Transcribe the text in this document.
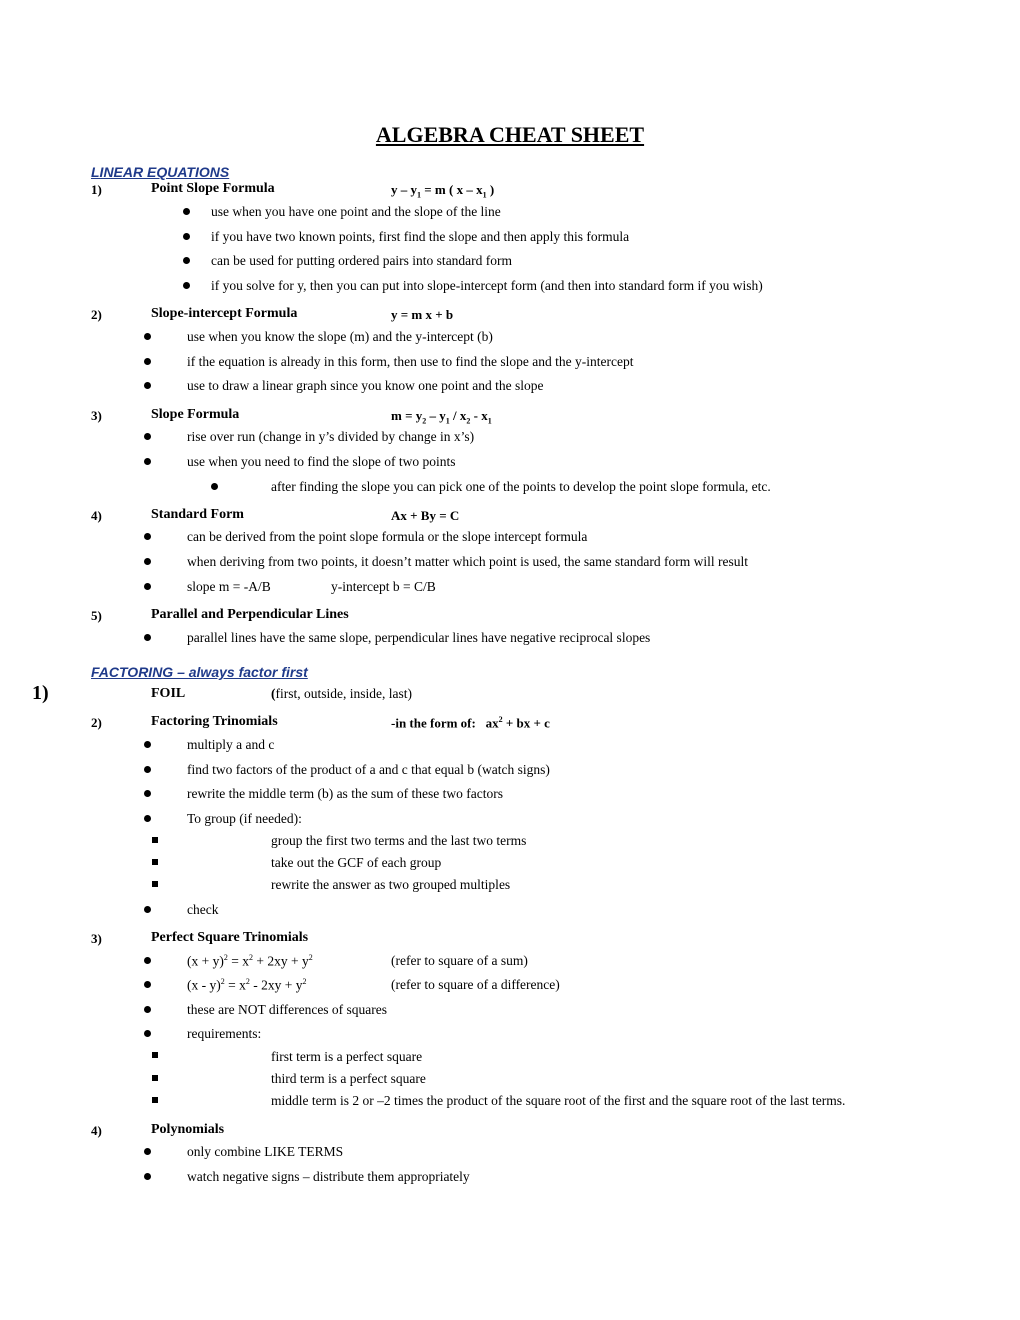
ALGEBRA CHEAT SHEET
LINEAR EQUATIONS
1)	Point Slope Formula	$y - y_1 = m$ ( x – $x_1$ )
use when you have one point and the slope of the line
if you have two known points, first find the slope and then apply this formula
can be used for putting ordered pairs into standard form
if you solve for y, then you can put into slope-intercept form (and then into standard form if you wish)
2)	Slope-intercept Formula	y = m x + b
use when you know the slope (m) and the y-intercept (b)
if the equation is already in this form, then use to find the slope and the y-intercept
use to draw a linear graph since you know one point and the slope
3)	Slope Formula	$m = y_2 - y_1 / x_2 - x_1$
rise over run (change in y’s divided by change in x’s)
use when you need to find the slope of two points
after finding the slope you can pick one of the points to develop the point slope formula, etc.
4)	Standard Form	Ax + By = C
can be derived from the point slope formula or the slope intercept formula
when deriving from two points, it doesn’t matter which point is used, the same standard form will result
slope m = -A/B	y-intercept b = C/B
5)	Parallel and Perpendicular Lines
parallel lines have the same slope, perpendicular lines have negative reciprocal slopes
FACTORING – always factor first
1)	FOIL	(first, outside, inside, last)
2)	Factoring Trinomials	-in the form of: $ax^2$ + bx + c
multiply a and c
find two factors of the product of a and c that equal b (watch signs)
rewrite the middle term (b) as the sum of these two factors
To group (if needed):
group the first two terms and the last two terms
take out the GCF of each group
rewrite the answer as two grouped multiples
check
3)	Perfect Square Trinomials
$(x + y)^2 = x^2 + 2xy + y^2$	(refer to square of a sum)
$(x - y)^2 = x^2 - 2xy + y^2$	(refer to square of a difference)
these are NOT differences of squares
requirements:
first term is a perfect square
third term is a perfect square
middle term is 2 or –2 times the product of the square root of the first and the square root of the last terms.
4)	Polynomials
only combine LIKE TERMS
watch negative signs – distribute them appropriately
